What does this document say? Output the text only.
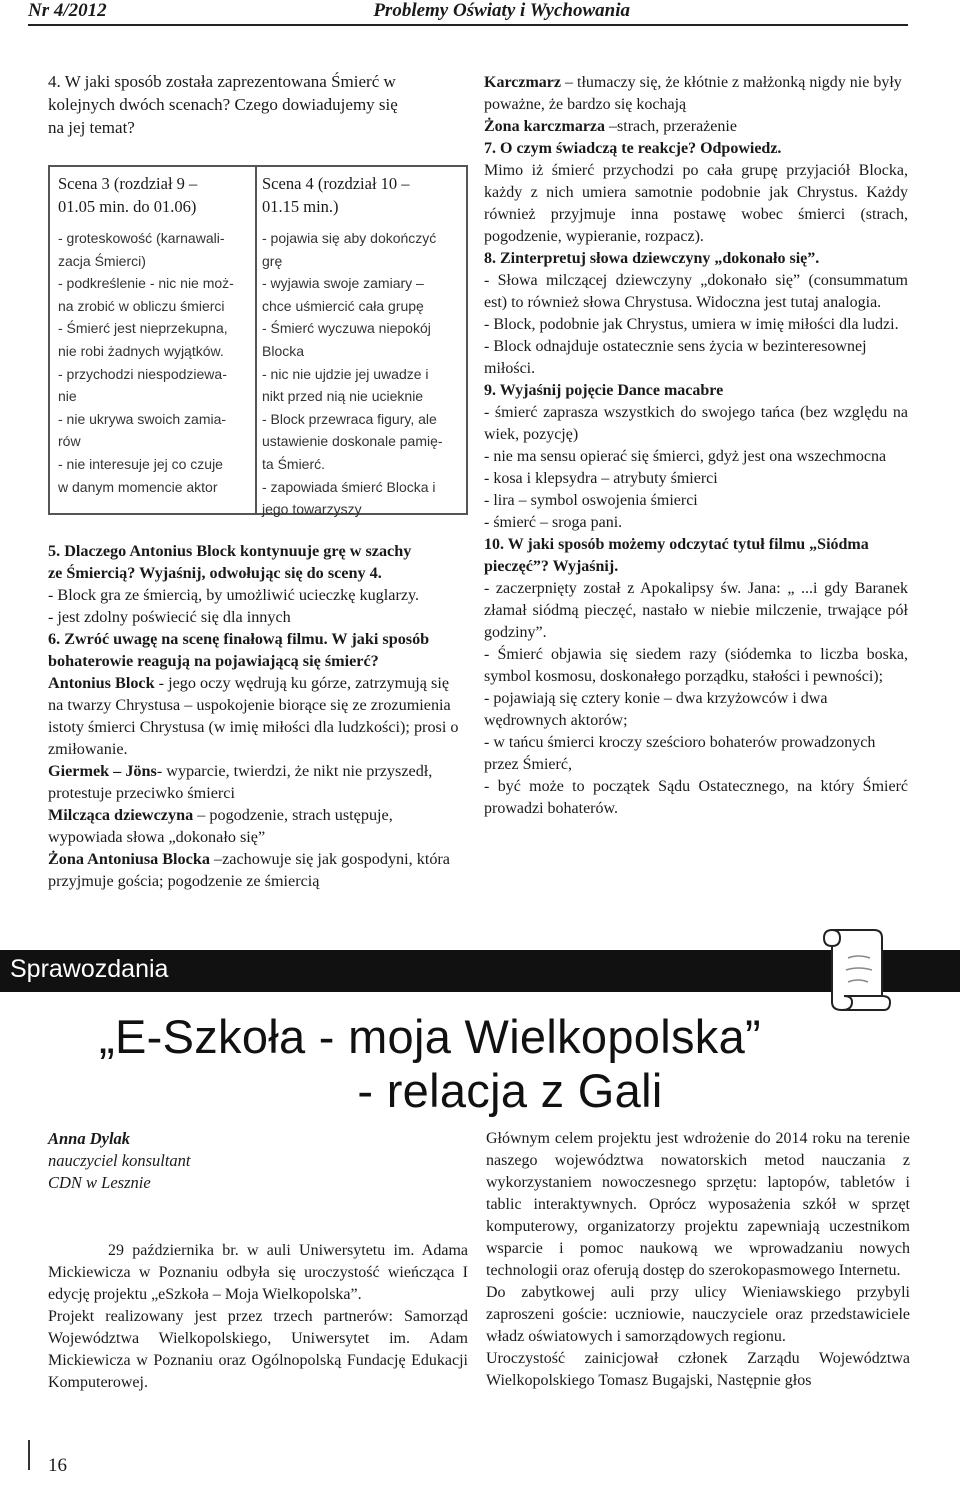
Nr 4/2012	Problemy Oświaty i Wychowania

4. W jaki sposób została zaprezentowana Śmierć w

kolejnych dwóch scenach? Czego dowiadujemy się

na jej temat?

Scena 3 (rozdział 9 –
01.05 min. do 01.06)
- groteskowość (karnawali-
zacja Śmierci)
- podkreślenie - nic nie moż-
na zrobić w obliczu śmierci
- Śmierć jest nieprzekupna,
nie robi żadnych wyjątków.
- przychodzi niespodziewa-
nie
- nie ukrywa swoich zamia-
rów
- nie interesuje jej co czuje
w danym momencie aktor
Scena 4 (rozdział 10 –
01.15 min.)
- pojawia się aby dokończyć
grę
- wyjawia swoje zamiary –
chce uśmiercić cała grupę
- Śmierć wyczuwa niepokój
Blocka
- nic nie ujdzie jej uwadze i
nikt przed nią nie ucieknie
- Block przewraca figury, ale
ustawienie doskonale pamię-
ta Śmierć.
- zapowiada śmierć Blocka i
jego towarzyszy

5. Dlaczego Antonius Block kontynuuje grę w szachy

ze Śmiercią? Wyjaśnij, odwołując się do sceny 4.

- Block gra ze śmiercią, by umożliwić ucieczkę kuglarzy.

- jest zdolny poświecić się dla innych

6. Zwróć uwagę na scenę finałową filmu. W jaki sposób bohaterowie reagują na pojawiającą się śmierć?

Antonius Block - jego oczy wędrują ku górze, zatrzymują się na twarzy Chrystusa – uspokojenie biorące się ze zrozumienia istoty śmierci Chrystusa (w imię miłości dla ludzkości); prosi o zmiłowanie.

Giermek – Jöns- wyparcie, twierdzi, że nikt nie przyszedł, protestuje przeciwko śmierci

Milcząca dziewczyna – pogodzenie, strach ustępuje, wypowiada słowa „dokonało się”

Żona Antoniusa Blocka –zachowuje się jak gospodyni, która przyjmuje gościa; pogodzenie ze śmiercią

Karczmarz – tłumaczy się, że kłótnie z małżonką nigdy nie były poważne, że bardzo się kochają

Żona karczmarza –strach, przerażenie

7. O czym świadczą te reakcje? Odpowiedz.

Mimo iż śmierć przychodzi po cała grupę przyjaciół Blocka, każdy z nich umiera samotnie podobnie jak Chrystus. Każdy również przyjmuje inna postawę wobec śmierci (strach, pogodzenie, wypieranie, rozpacz).

8. Zinterpretuj słowa dziewczyny „dokonało się”.

- Słowa milczącej dziewczyny „dokonało się” (consummatum est) to również słowa Chrystusa. Widoczna jest tutaj analogia.

- Block, podobnie jak Chrystus, umiera w imię miłości dla ludzi.

- Block odnajduje ostatecznie sens życia w bezinteresownej miłości.

9. Wyjaśnij pojęcie Dance macabre

- śmierć zaprasza wszystkich do swojego tańca (bez względu na wiek, pozycję)

- nie ma sensu opierać się śmierci, gdyż jest ona wszechmocna

- kosa i klepsydra – atrybuty śmierci

- lira – symbol oswojenia śmierci

- śmierć – sroga pani.

10. W jaki sposób możemy odczytać tytuł filmu „Siódma pieczęć”? Wyjaśnij.

- zaczerpnięty został z Apokalipsy św. Jana: „ ...i gdy Baranek złamał siódmą pieczęć, nastało w niebie milczenie, trwające pół godziny”.

- Śmierć objawia się siedem razy (siódemka to liczba boska, symbol kosmosu, doskonałego porządku, stałości i pewności);

- pojawiają się cztery konie – dwa krzyżowców i dwa wędrownych aktorów;

- w tańcu śmierci kroczy sześcioro bohaterów prowadzonych przez Śmierć,

- być może to początek Sądu Ostatecznego, na który Śmierć prowadzi bohaterów.

Sprawozdania
„E-Szkoła - moja Wielkopolska”
- relacja z Gali
Anna Dylak
nauczyciel konsultant
CDN w Lesznie

29 października br. w auli Uniwersytetu im. Adama Mickiewicza w Poznaniu odbyła się uroczystość wieńcząca I edycję projektu „eSzkoła – Moja Wielkopolska”.

Projekt realizowany jest przez trzech partnerów: Samorząd Województwa Wielkopolskiego, Uniwersytet im. Adam Mickiewicza w Poznaniu oraz Ogólnopolską Fundację Edukacji Komputerowej.

Głównym celem projektu jest wdrożenie do 2014 roku na terenie naszego województwa nowatorskich metod nauczania z wykorzystaniem nowoczesnego sprzętu: laptopów, tabletów i tablic interaktywnych. Oprócz wyposażenia szkół w sprzęt komputerowy, organizatorzy projektu zapewniają uczestnikom wsparcie i pomoc naukową we wprowadzaniu nowych technologii oraz oferują dostęp do szerokopasmowego Internetu.

Do zabytkowej auli przy ulicy Wieniawskiego przybyli zaproszeni goście: uczniowie, nauczyciele oraz przedstawiciele władz oświatowych i samorządowych regionu.

Uroczystość zainicjował członek Zarządu Województwa Wielkopolskiego Tomasz Bugajski, Następnie głos

16
